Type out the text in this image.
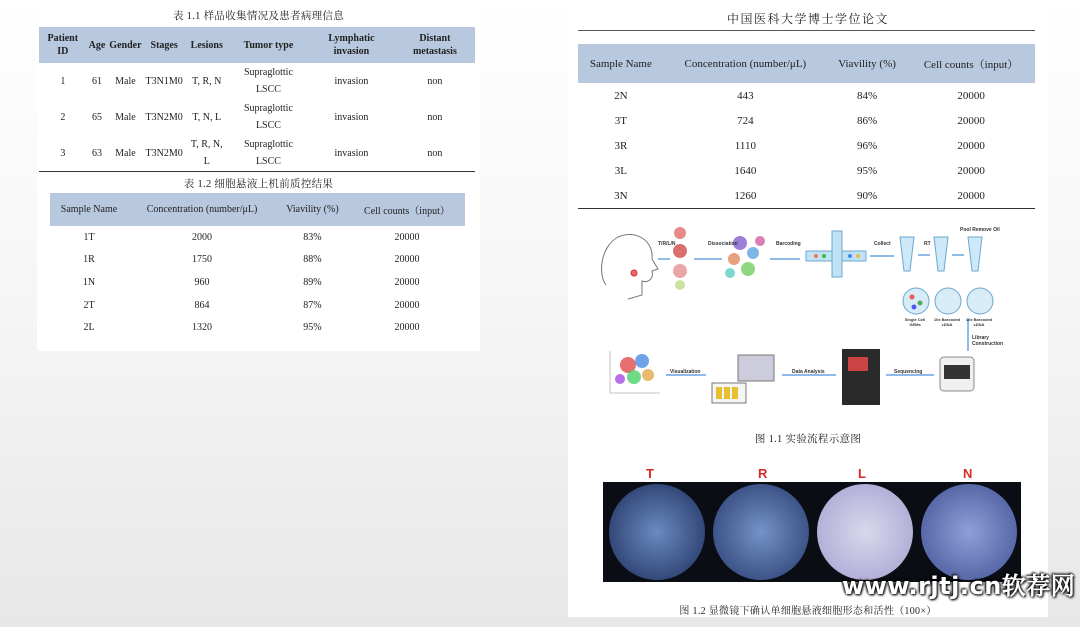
表 1.1 样品收集情况及患者病理信息
Patient ID	Age	Gender	Stages	Lesions	Tumor type	Lymphatic invasion	Distant metastasis
1	61	Male	T3N1M0	T, R, N	Supraglottic LSCC	invasion	non
2	65	Male	T3N2M0	T, N, L	Supraglottic LSCC	invasion	non
3	63	Male	T3N2M0	T, R, N, L	Supraglottic LSCC	invasion	non
表 1.2 细胞悬液上机前质控结果
Sample Name	Concentration (number/μL)	Viavility (%)	Cell counts（input）
1T	2000	83%	20000
1R	1750	88%	20000
1N	960	89%	20000
2T	864	87%	20000
2L	1320	95%	20000
中国医科大学博士学位论文
Sample Name	Concentration (number/μL)	Viavility (%)	Cell counts（input）
2N	443	84%	20000
3T	724	86%	20000
3R	1110	96%	20000
3L	1640	95%	20000
3N	1260	90%	20000
T/R/L/N	Dissociation	Barcoding	Collect	RT
Pool Remove Oil
Single Cell GEMs
10x Barcoded cDNA
10x Barcoded cDNA
Library Construction
Sequencing
Data Analysis
Visualization
图 1.1 实验流程示意图
T	R	L	N
图 1.2 显微镜下确认单细胞悬液细胞形态和活性（100×）
www.rjtj.cn软荐网
